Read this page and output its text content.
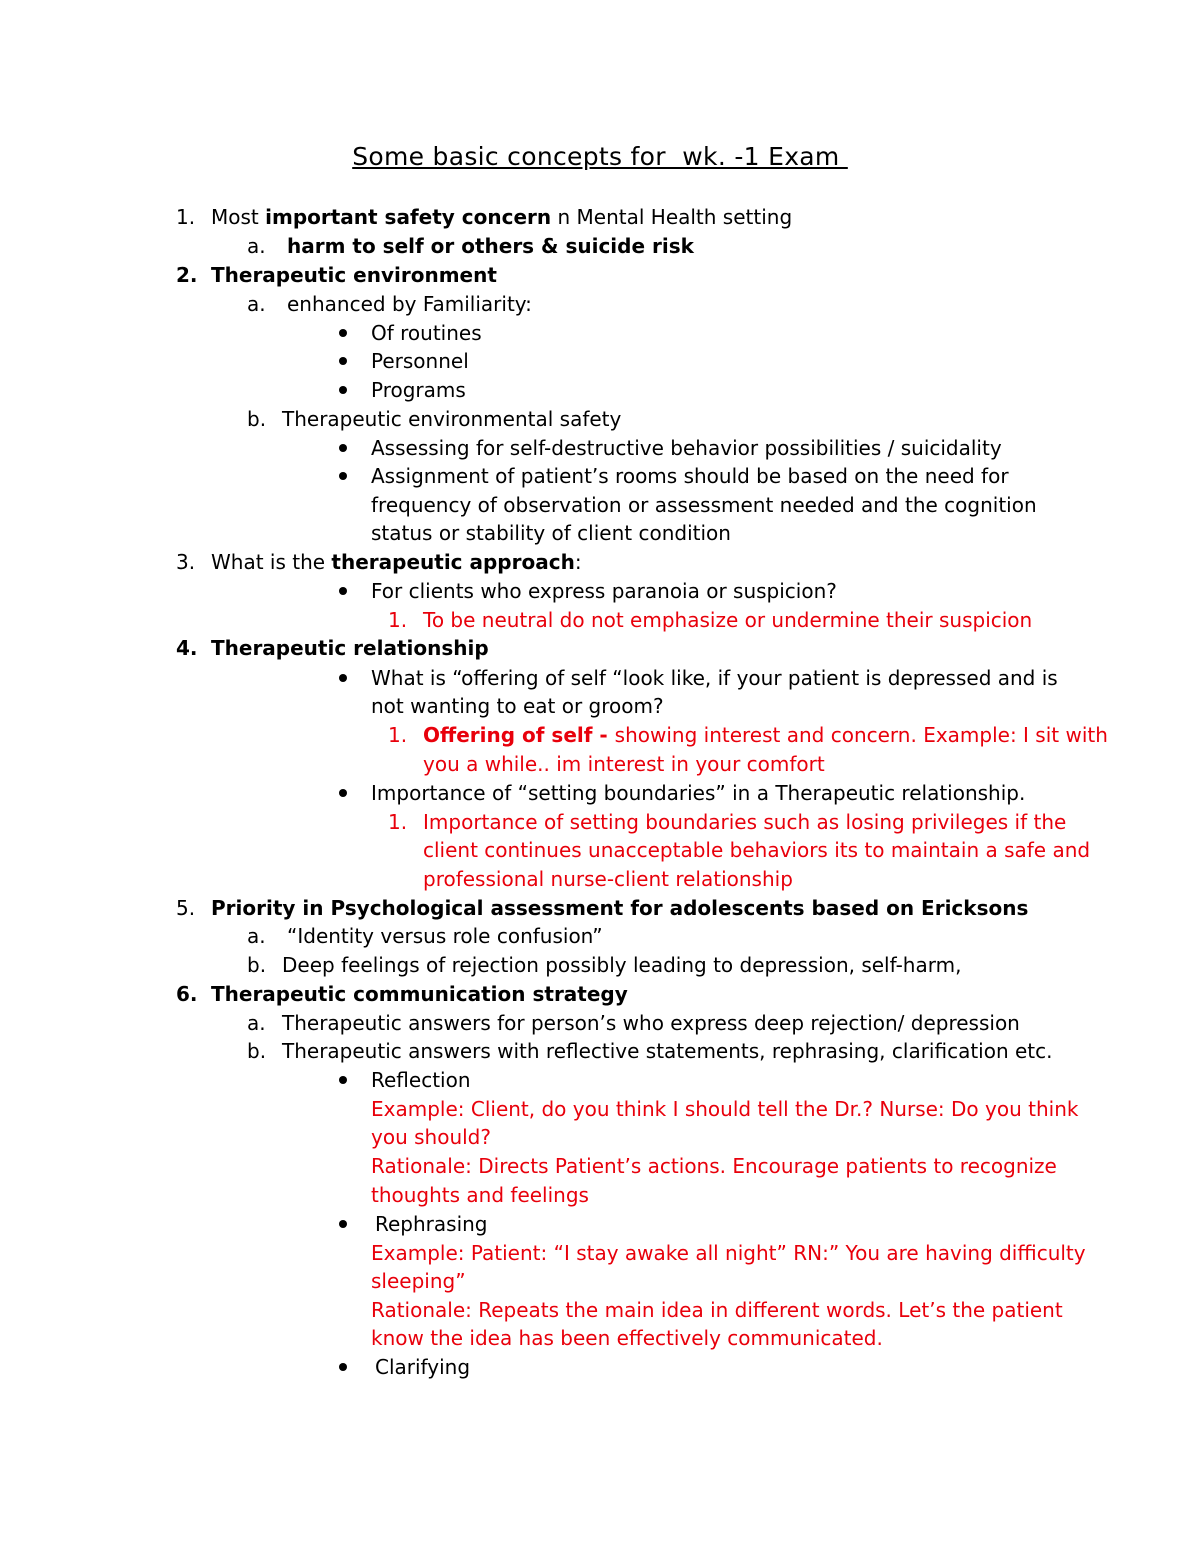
Some basic concepts for  wk. -1 Exam
1. Most important safety concern n Mental Health setting
a. harm to self or others & suicide risk
2. Therapeutic environment
a. enhanced by Familiarity:
Of routines
Personnel
Programs
b. Therapeutic environmental safety
Assessing for self-destructive behavior possibilities / suicidality
Assignment of patient’s rooms should be based on the need for
frequency of observation or assessment needed and the cognition
status or stability of client condition
3. What is the therapeutic approach:
For clients who express paranoia or suspicion?
1. To be neutral do not emphasize or undermine their suspicion
4. Therapeutic relationship
What is “offering of self “look like, if your patient is depressed and is
not wanting to eat or groom?
1. Offering of self - showing interest and concern. Example: I sit with
you a while.. im interest in your comfort
Importance of “setting boundaries” in a Therapeutic relationship.
1. Importance of setting boundaries such as losing privileges if the
client continues unacceptable behaviors its to maintain a safe and
professional nurse-client relationship
5. Priority in Psychological assessment for adolescents based on Ericksons
a. “Identity versus role confusion”
b. Deep feelings of rejection possibly leading to depression, self-harm,
6. Therapeutic communication strategy
a. Therapeutic answers for person’s who express deep rejection/ depression
b. Therapeutic answers with reflective statements, rephrasing, clarification etc.
Reflection
Example: Client, do you think I should tell the Dr.? Nurse: Do you think
you should?
Rationale: Directs Patient’s actions. Encourage patients to recognize
thoughts and feelings
Rephrasing
Example: Patient: “I stay awake all night” RN:” You are having difficulty
sleeping”
Rationale: Repeats the main idea in different words. Let’s the patient
know the idea has been effectively communicated.
Clarifying
